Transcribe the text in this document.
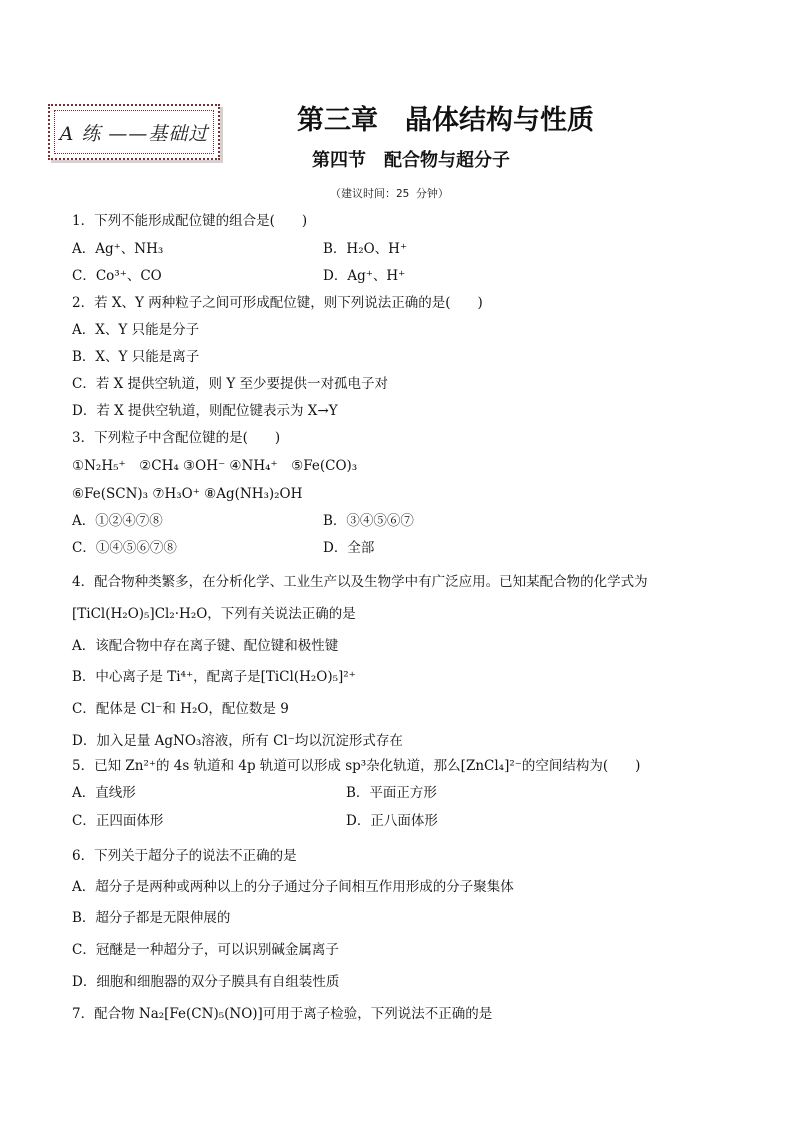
A 练 ——基础过	第三章　晶体结构与性质
第四节　配合物与超分子
（建议时间：25 分钟）
1．下列不能形成配位键的组合是(　　)
A．Ag⁺、NH₃	B．H₂O、H⁺
C．Co³⁺、CO	D．Ag⁺、H⁺
2．若 X、Y 两种粒子之间可形成配位键，则下列说法正确的是(　　)
A．X、Y 只能是分子
B．X、Y 只能是离子
C．若 X 提供空轨道，则 Y 至少要提供一对孤电子对
D．若 X 提供空轨道，则配位键表示为 X→Y
3．下列粒子中含配位键的是(　　)
①N₂H₅⁺　②CH₄ ③OH⁻ ④NH₄⁺　⑤Fe(CO)₃
⑥Fe(SCN)₃ ⑦H₃O⁺ ⑧Ag(NH₃)₂OH
A．①②④⑦⑧	B．③④⑤⑥⑦
C．①④⑤⑥⑦⑧	D．全部
4．配合物种类繁多，在分析化学、工业生产以及生物学中有广泛应用。已知某配合物的化学式为
[TiCl(H₂O)₅]Cl₂·H₂O，下列有关说法正确的是
A．该配合物中存在离子键、配位键和极性键
B．中心离子是 Ti⁴⁺，配离子是[TiCl(H₂O)₅]²⁺
C．配体是 Cl⁻和 H₂O，配位数是 9
D．加入足量 AgNO₃溶液，所有 Cl⁻均以沉淀形式存在
5．已知 Zn²⁺的 4s 轨道和 4p 轨道可以形成 sp³杂化轨道，那么[ZnCl₄]²⁻的空间结构为(　　)
A．直线形	B．平面正方形
C．正四面体形	D．正八面体形
6．下列关于超分子的说法不正确的是
A．超分子是两种或两种以上的分子通过分子间相互作用形成的分子聚集体
B．超分子都是无限伸展的
C．冠醚是一种超分子，可以识别碱金属离子
D．细胞和细胞器的双分子膜具有自组装性质
7．配合物 Na₂[Fe(CN)₅(NO)]可用于离子检验，下列说法不正确的是
